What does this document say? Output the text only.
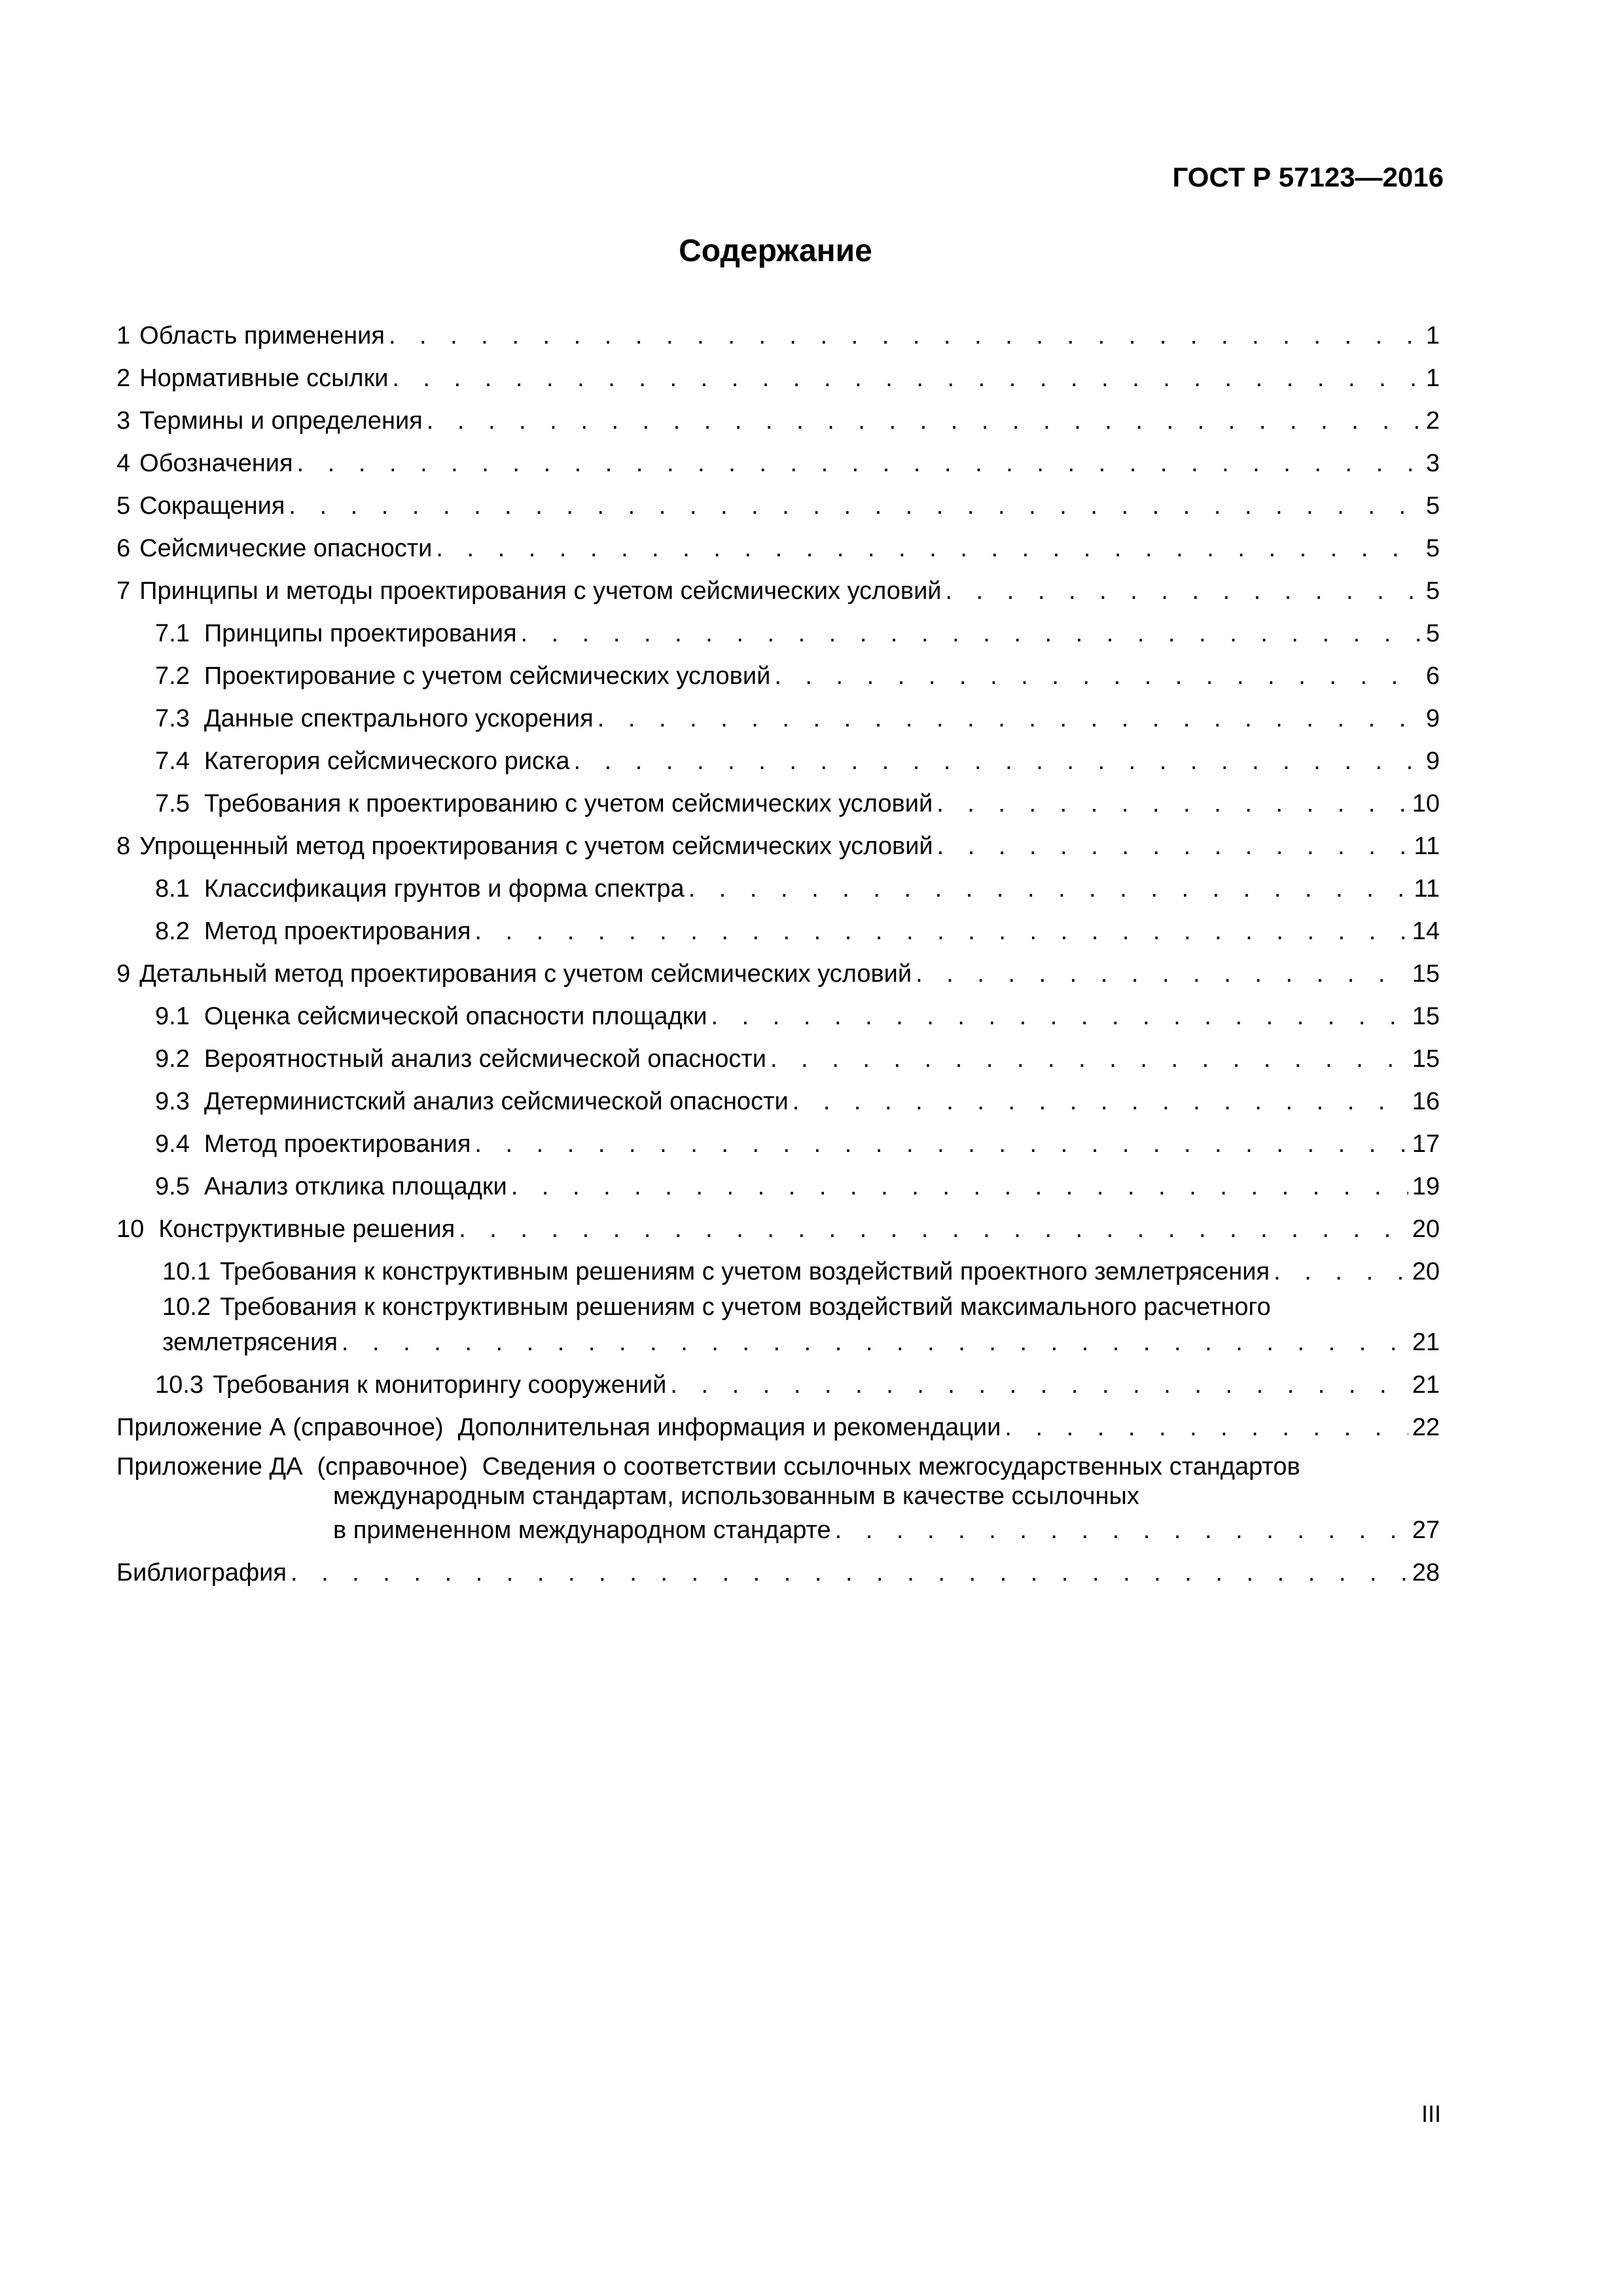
ГОСТ Р 57123—2016
Содержание
1 Область применения . . .	1
2 Нормативные ссылки . . .	1
3 Термины и определения . . .	2
4 Обозначения . . .	3
5 Сокращения . . .	5
6 Сейсмические опасности . . .	5
7 Принципы и методы проектирования с учетом сейсмических условий . . .	5
7.1 Принципы проектирования . . .	5
7.2 Проектирование с учетом сейсмических условий . . .	6
7.3 Данные спектрального ускорения . . .	9
7.4 Категория сейсмического риска . . .	9
7.5 Требования к проектированию с учетом сейсмических условий . . .	10
8 Упрощенный метод проектирования с учетом сейсмических условий . . .	11
8.1 Классификация грунтов и форма спектра . . .	11
8.2 Метод проектирования . . .	14
9 Детальный метод проектирования с учетом сейсмических условий . . .	15
9.1 Оценка сейсмической опасности площадки . . .	15
9.2 Вероятностный анализ сейсмической опасности . . .	15
9.3 Детерминистский анализ сейсмической опасности . . .	16
9.4 Метод проектирования . . .	17
9.5 Анализ отклика площадки . . .	19
10 Конструктивные решения . . .	20
10.1 Требования к конструктивным решениям с учетом воздействий проектного землетрясения . . .	20
10.2 Требования к конструктивным решениям с учетом воздействий максимального расчетного
землетрясения . . .	21
10.3 Требования к мониторингу сооружений . . .	21
Приложение А (справочное) Дополнительная информация и рекомендации . . .	22
Приложение ДА (справочное) Сведения о соответствии ссылочных межгосударственных стандартов
международным стандартам, использованным в качестве ссылочных
в примененном международном стандарте . . .	27
Библиография . . .	28
III
